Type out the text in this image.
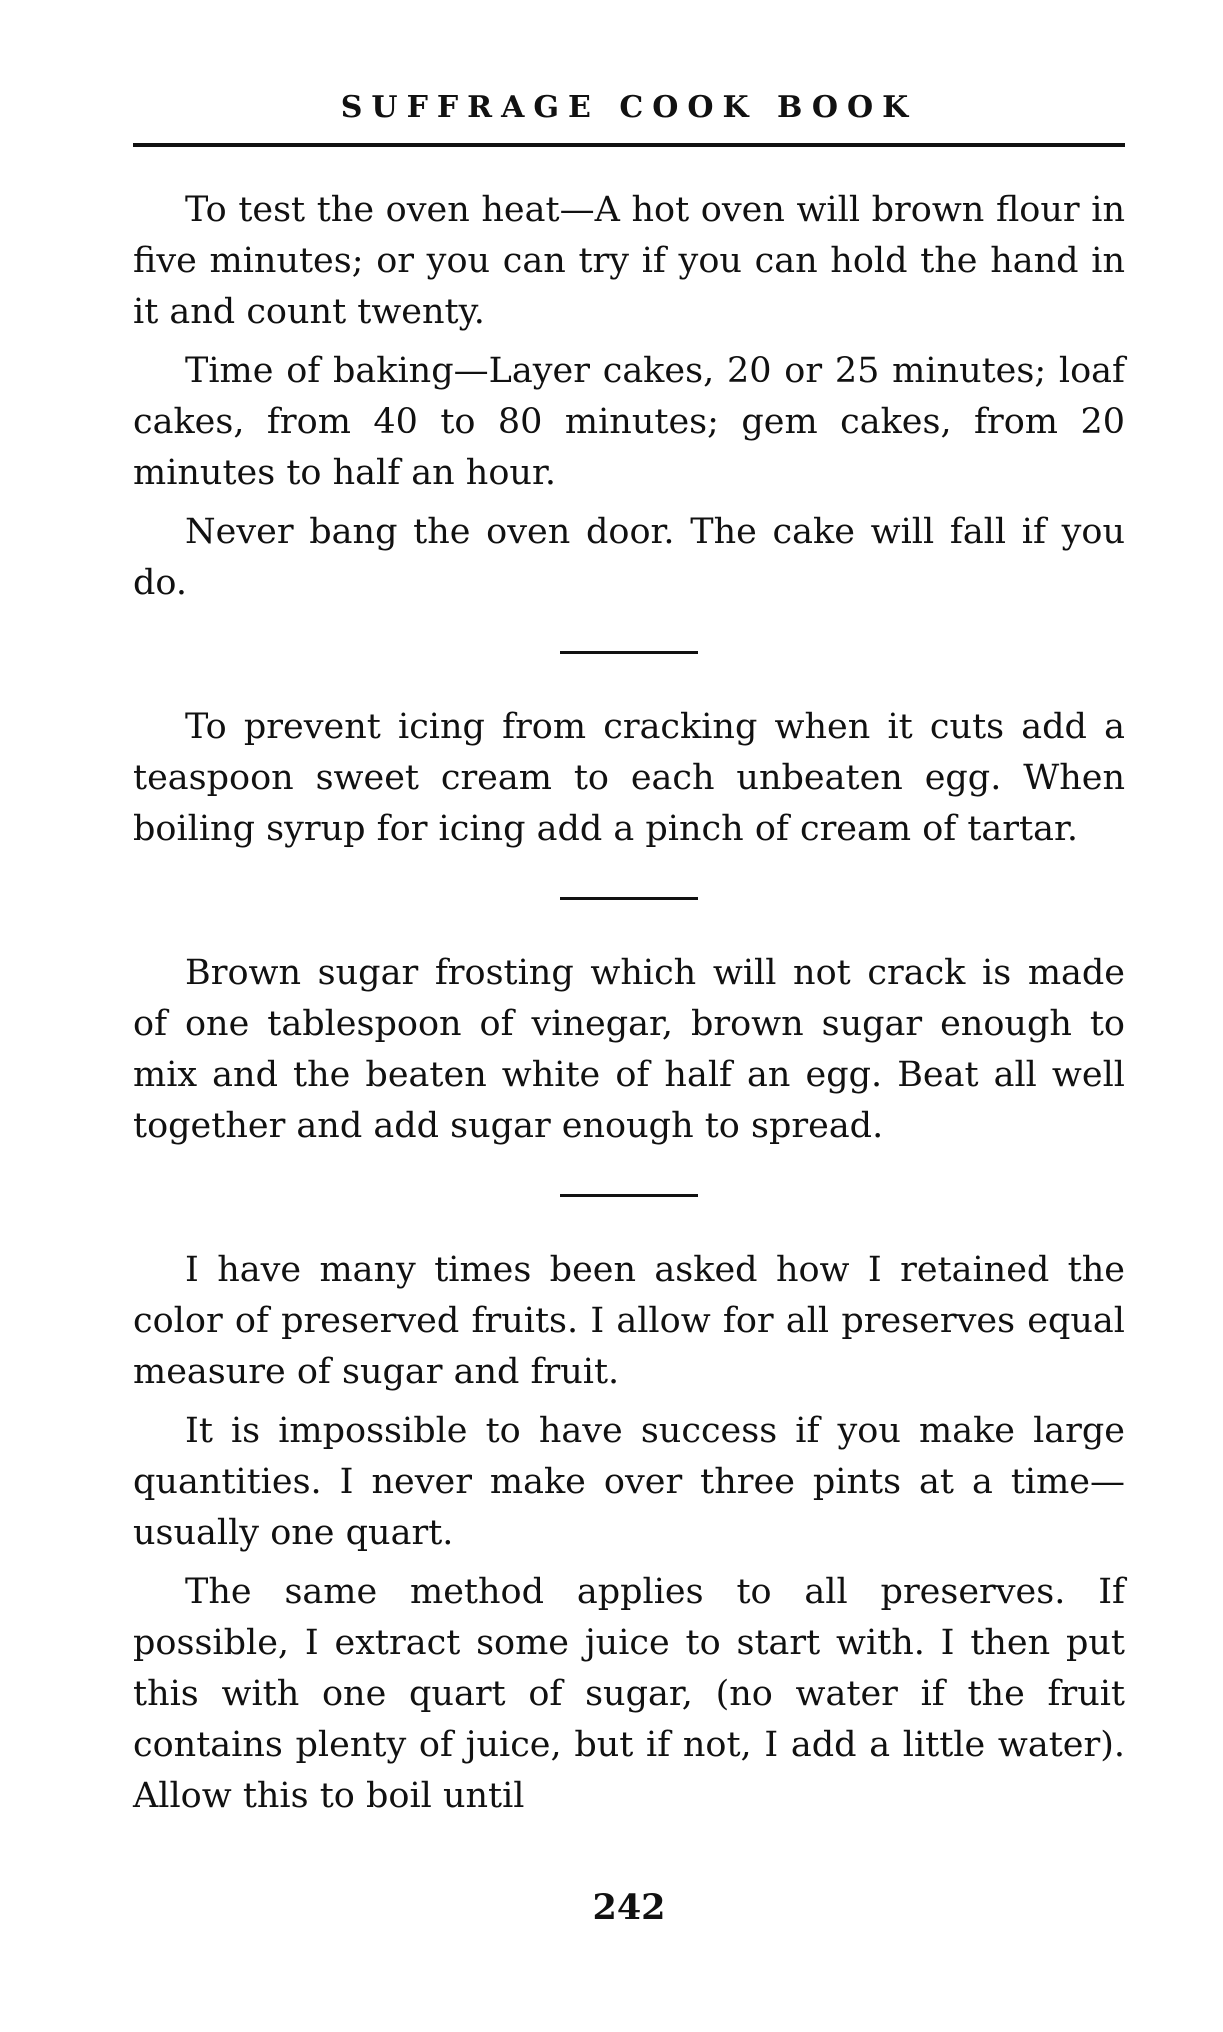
SUFFRAGE COOK BOOK

To test the oven heat—A hot oven will brown flour in five minutes; or you can try if you can hold the hand in it and count twenty.

Time of baking—Layer cakes, 20 or 25 minutes; loaf cakes, from 40 to 80 minutes; gem cakes, from 20 minutes to half an hour.

Never bang the oven door. The cake will fall if you do.

To prevent icing from cracking when it cuts add a teaspoon sweet cream to each unbeaten egg. When boiling syrup for icing add a pinch of cream of tartar.

Brown sugar frosting which will not crack is made of one tablespoon of vinegar, brown sugar enough to mix and the beaten white of half an egg. Beat all well together and add sugar enough to spread.

I have many times been asked how I retained the color of preserved fruits. I allow for all preserves equal measure of sugar and fruit.

It is impossible to have success if you make large quantities. I never make over three pints at a time—usually one quart.

The same method applies to all preserves. If possible, I extract some juice to start with. I then put this with one quart of sugar, (no water if the fruit contains plenty of juice, but if not, I add a little water). Allow this to boil until

242
